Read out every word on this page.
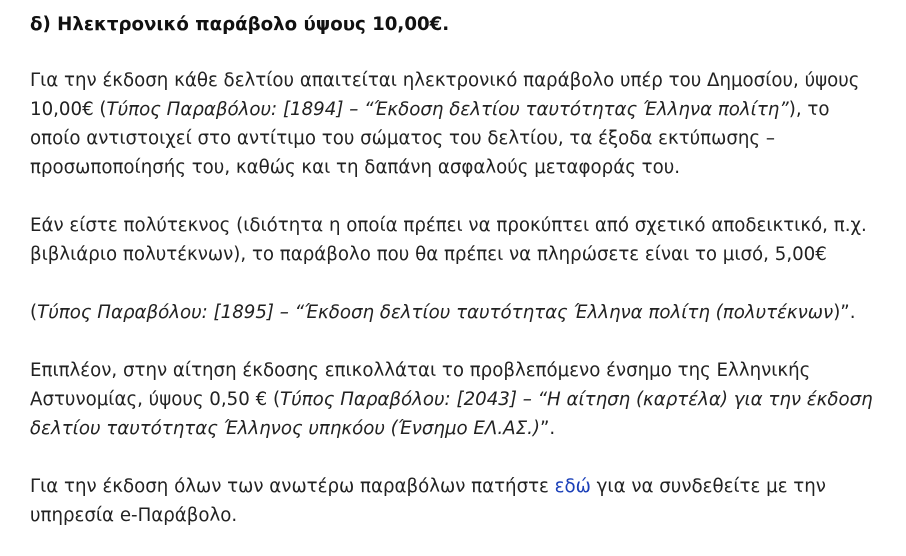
δ) Ηλεκτρονικό παράβολο ύψους 10,00€.

Για την έκδοση κάθε δελτίου απαιτείται ηλεκτρονικό παράβολο υπέρ του Δημοσίου, ύψους 10,00€ (Τύπος Παραβόλου: [1894] – “Έκδοση δελτίου ταυτότητας Έλληνα πολίτη”), το οποίο αντιστοιχεί στο αντίτιμο του σώματος του δελτίου, τα έξοδα εκτύπωσης – προσωποποίησής του, καθώς και τη δαπάνη ασφαλούς μεταφοράς του.

Εάν είστε πολύτεκνος (ιδιότητα η οποία πρέπει να προκύπτει από σχετικό αποδεικτικό, π.χ. βιβλιάριο πολυτέκνων), το παράβολο που θα πρέπει να πληρώσετε είναι το μισό, 5,00€

(Τύπος Παραβόλου: [1895] – “Έκδοση δελτίου ταυτότητας Έλληνα πολίτη (πολυτέκνων)”.

Επιπλέον, στην αίτηση έκδοσης επικολλάται το προβλεπόμενο ένσημο της Ελληνικής Αστυνομίας, ύψους 0,50 € (Τύπος Παραβόλου: [2043] – “Η αίτηση (καρτέλα) για την έκδοση δελτίου ταυτότητας Έλληνος υπηκόου (Ένσημο ΕΛ.ΑΣ.)”.

Για την έκδοση όλων των ανωτέρω παραβόλων πατήστε εδώ για να συνδεθείτε με την υπηρεσία e-Παράβολο.
